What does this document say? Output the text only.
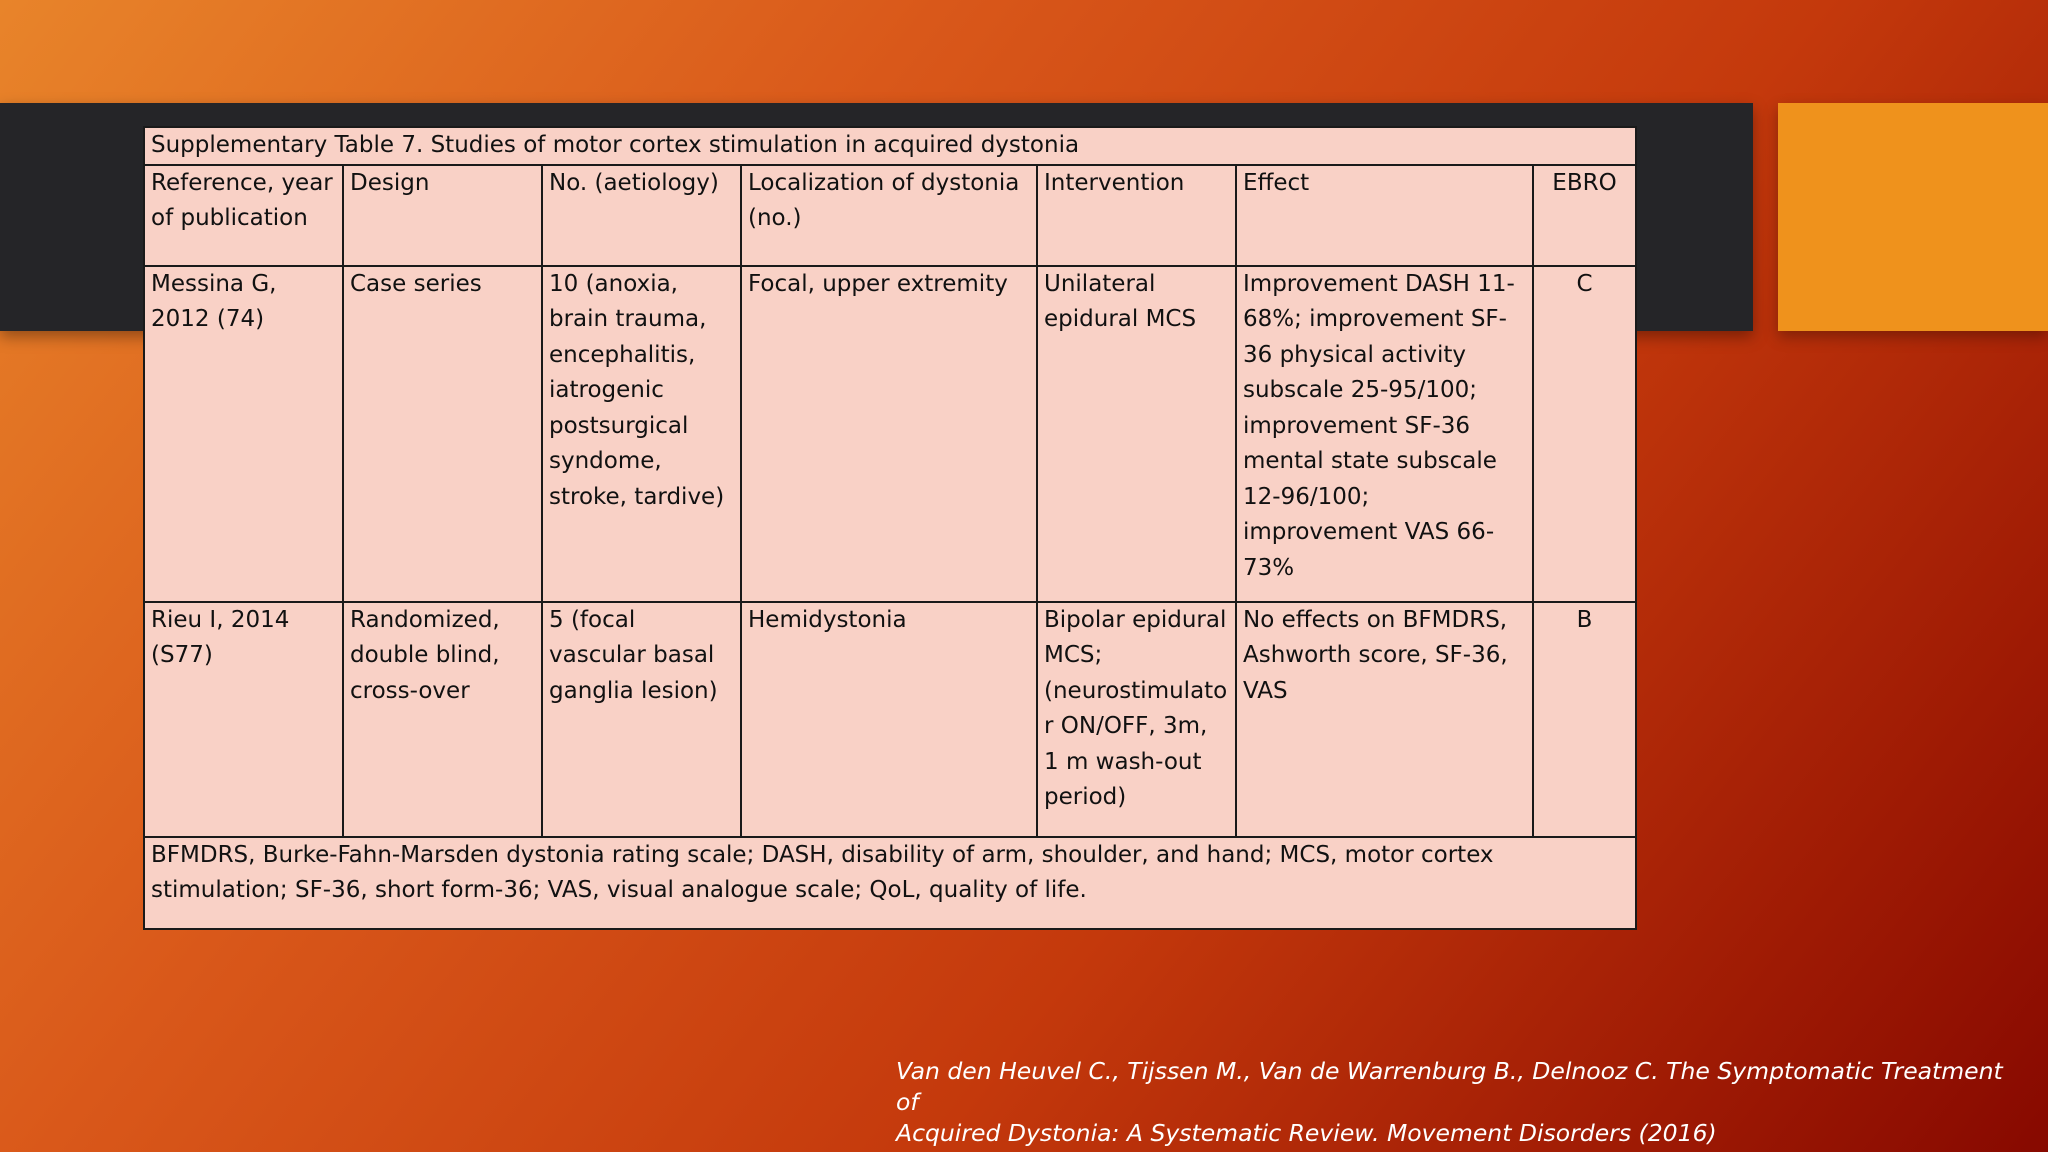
Supplementary Table 7. Studies of motor cortex stimulation in acquired dystonia						
Reference, year of publication	Design	No. (aetiology)	Localization of dystonia (no.)	Intervention	Effect	EBRO
Messina G, 2012 (74)	Case series	10 (anoxia, brain trauma, encephalitis, iatrogenic postsurgical syndome, stroke, tardive)	Focal, upper extremity	Unilateral epidural MCS	Improvement DASH 11-68%; improvement SF-36 physical activity subscale 25-95/100; improvement SF-36 mental state subscale 12-96/100; improvement VAS 66-73%	C
Rieu I, 2014 (S77)	Randomized, double blind, cross-over	5 (focal vascular basal ganglia lesion)	Hemidystonia	Bipolar epidural MCS; (neurostimulator ON/OFF, 3m, 1 m wash-out period)	No effects on BFMDRS, Ashworth score, SF-36, VAS	B
BFMDRS, Burke-Fahn-Marsden dystonia rating scale; DASH, disability of arm, shoulder, and hand; MCS, motor cortex stimulation; SF-36, short form-36; VAS, visual analogue scale; QoL, quality of life.						
Van den Heuvel C., Tijssen M., Van de Warrenburg B., Delnooz C. The Symptomatic Treatment of
Acquired Dystonia: A Systematic Review. Movement Disorders (2016)
